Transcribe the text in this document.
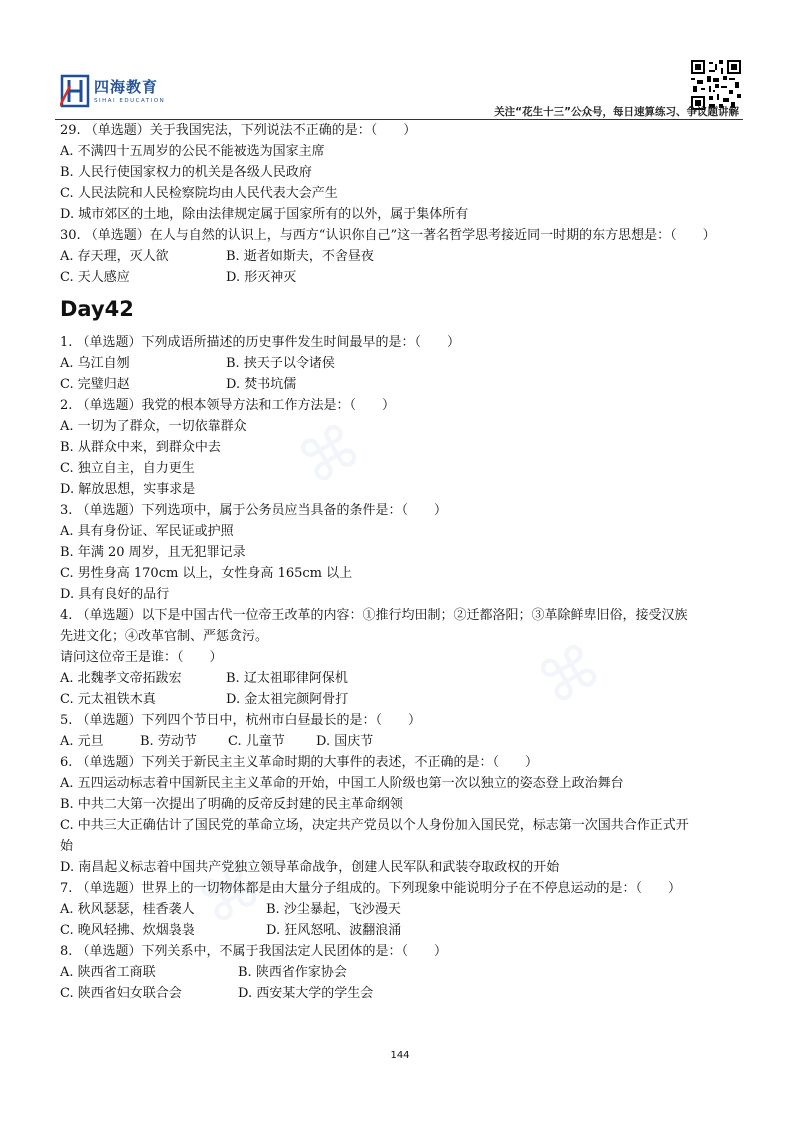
⌘
⌘
⌘
四海教育
SIHAI EDUCATION
关注“花生十三”公众号，每日速算练习、争议题讲解
29. （单选题）关于我国宪法，下列说法不正确的是：（　　）
A. 不满四十五周岁的公民不能被选为国家主席
B. 人民行使国家权力的机关是各级人民政府
C. 人民法院和人民检察院均由人民代表大会产生
D. 城市郊区的土地，除由法律规定属于国家所有的以外，属于集体所有
30. （单选题）在人与自然的认识上，与西方“认识你自己”这一著名哲学思考接近同一时期的东方思想是：（　　）
A. 存天理，灭人欲	B. 逝者如斯夫，不舍昼夜
C. 天人感应	D. 形灭神灭
Day42
1. （单选题）下列成语所描述的历史事件发生时间最早的是：（　　）
A. 乌江自刎	B. 挟天子以令诸侯
C. 完璧归赵	D. 焚书坑儒
2. （单选题）我党的根本领导方法和工作方法是：（　　）
A. 一切为了群众，一切依靠群众
B. 从群众中来，到群众中去
C. 独立自主，自力更生
D. 解放思想，实事求是
3. （单选题）下列选项中，属于公务员应当具备的条件是：（　　）
A. 具有身份证、军民证或护照
B. 年满 20 周岁，且无犯罪记录
C. 男性身高 170cm 以上，女性身高 165cm 以上
D. 具有良好的品行
4. （单选题）以下是中国古代一位帝王改革的内容：①推行均田制；②迁都洛阳；③革除鲜卑旧俗，接受汉族
先进文化；④改革官制、严惩贪污。
请问这位帝王是谁：（　　）
A. 北魏孝文帝拓跋宏	B. 辽太祖耶律阿保机
C. 元太祖铁木真	D. 金太祖完颜阿骨打
5. （单选题）下列四个节日中，杭州市白昼最长的是：（　　）
A. 元旦	B. 劳动节 C. 儿童节 D. 国庆节
6. （单选题）下列关于新民主主义革命时期的大事件的表述，不正确的是：（　　）
A. 五四运动标志着中国新民主主义革命的开始，中国工人阶级也第一次以独立的姿态登上政治舞台
B. 中共二大第一次提出了明确的反帝反封建的民主革命纲领
C. 中共三大正确估计了国民党的革命立场，决定共产党员以个人身份加入国民党，标志第一次国共合作正式开
始
D. 南昌起义标志着中国共产党独立领导革命战争，创建人民军队和武装夺取政权的开始
7. （单选题）世界上的一切物体都是由大量分子组成的。下列现象中能说明分子在不停息运动的是：（　　）
A. 秋风瑟瑟，桂香袭人	B. 沙尘暴起，飞沙漫天
C. 晚风轻拂、炊烟袅袅	D. 狂风怒吼、波翻浪涌
8. （单选题）下列关系中，不属于我国法定人民团体的是：（　　）
A. 陕西省工商联	B. 陕西省作家协会
C. 陕西省妇女联合会	D. 西安某大学的学生会
144
